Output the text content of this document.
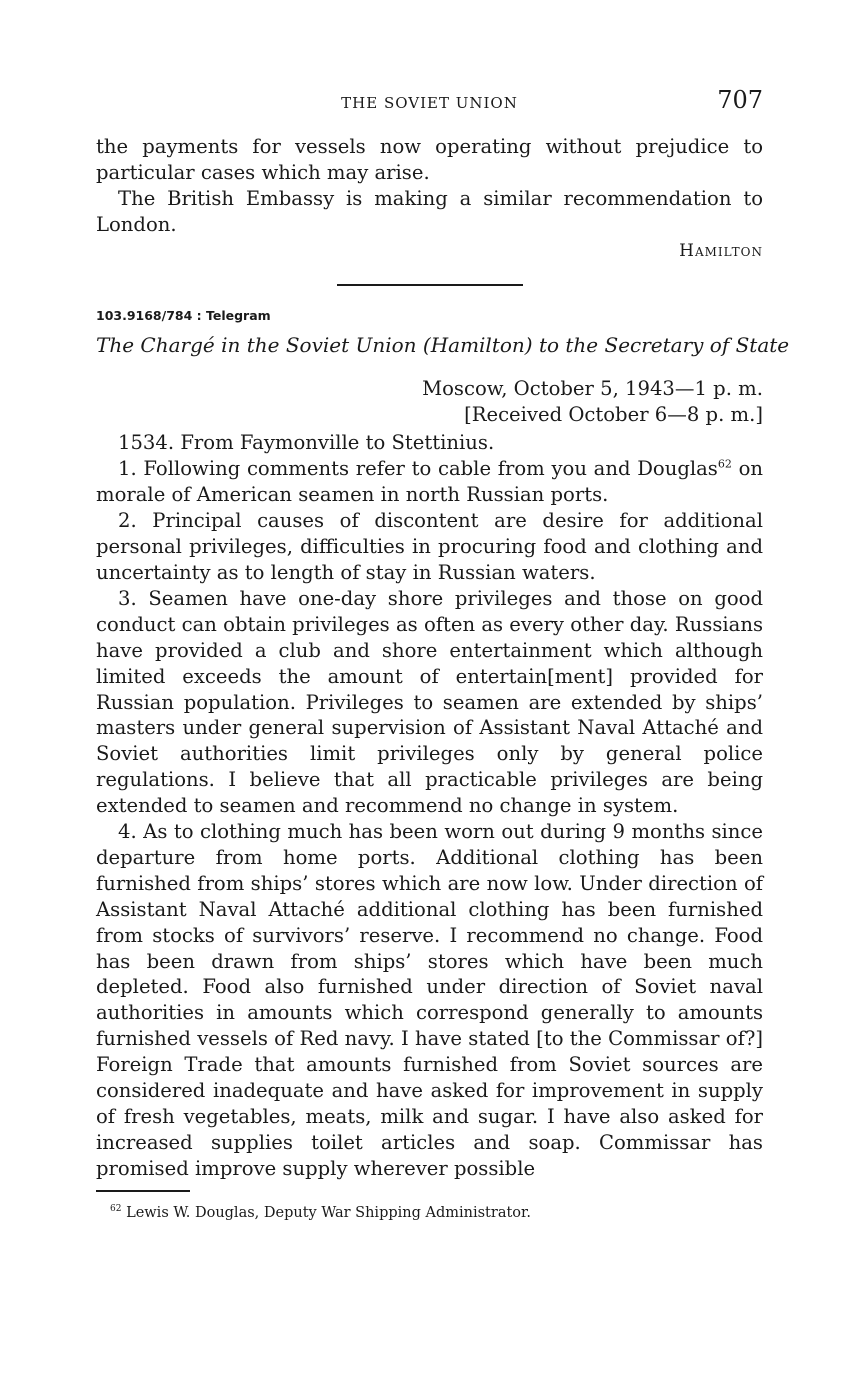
THE SOVIET UNION	707

the payments for vessels now operating without prejudice to particular cases which may arise.

The British Embassy is making a similar recommendation to London.

Hamilton
103.9168/784 : Telegram
The Chargé in the Soviet Union (Hamilton) to the Secretary of State
Moscow, October 5, 1943—1 p. m.
[Received October 6—8 p. m.]

1534. From Faymonville to Stettinius.

1. Following comments refer to cable from you and Douglas$^{62}$ on morale of American seamen in north Russian ports.

2. Principal causes of discontent are desire for additional personal privileges, difficulties in procuring food and clothing and uncertainty as to length of stay in Russian waters.

3. Seamen have one-day shore privileges and those on good conduct can obtain privileges as often as every other day. Russians have provided a club and shore entertainment which although limited exceeds the amount of entertain[ment] provided for Russian population. Privileges to seamen are extended by ships’ masters under general supervision of Assistant Naval Attaché and Soviet authorities limit privileges only by general police regulations. I believe that all practicable privileges are being extended to seamen and recommend no change in system.

4. As to clothing much has been worn out during 9 months since departure from home ports. Additional clothing has been furnished from ships’ stores which are now low. Under direction of Assistant Naval Attaché additional clothing has been furnished from stocks of survivors’ reserve. I recommend no change. Food has been drawn from ships’ stores which have been much depleted. Food also furnished under direction of Soviet naval authorities in amounts which correspond generally to amounts furnished vessels of Red navy. I have stated [to the Commissar of?] Foreign Trade that amounts furnished from Soviet sources are considered inadequate and have asked for improvement in supply of fresh vegetables, meats, milk and sugar. I have also asked for increased supplies toilet articles and soap. Commissar has promised improve supply wherever possible

$^{62}$ Lewis W. Douglas, Deputy War Shipping Administrator.
